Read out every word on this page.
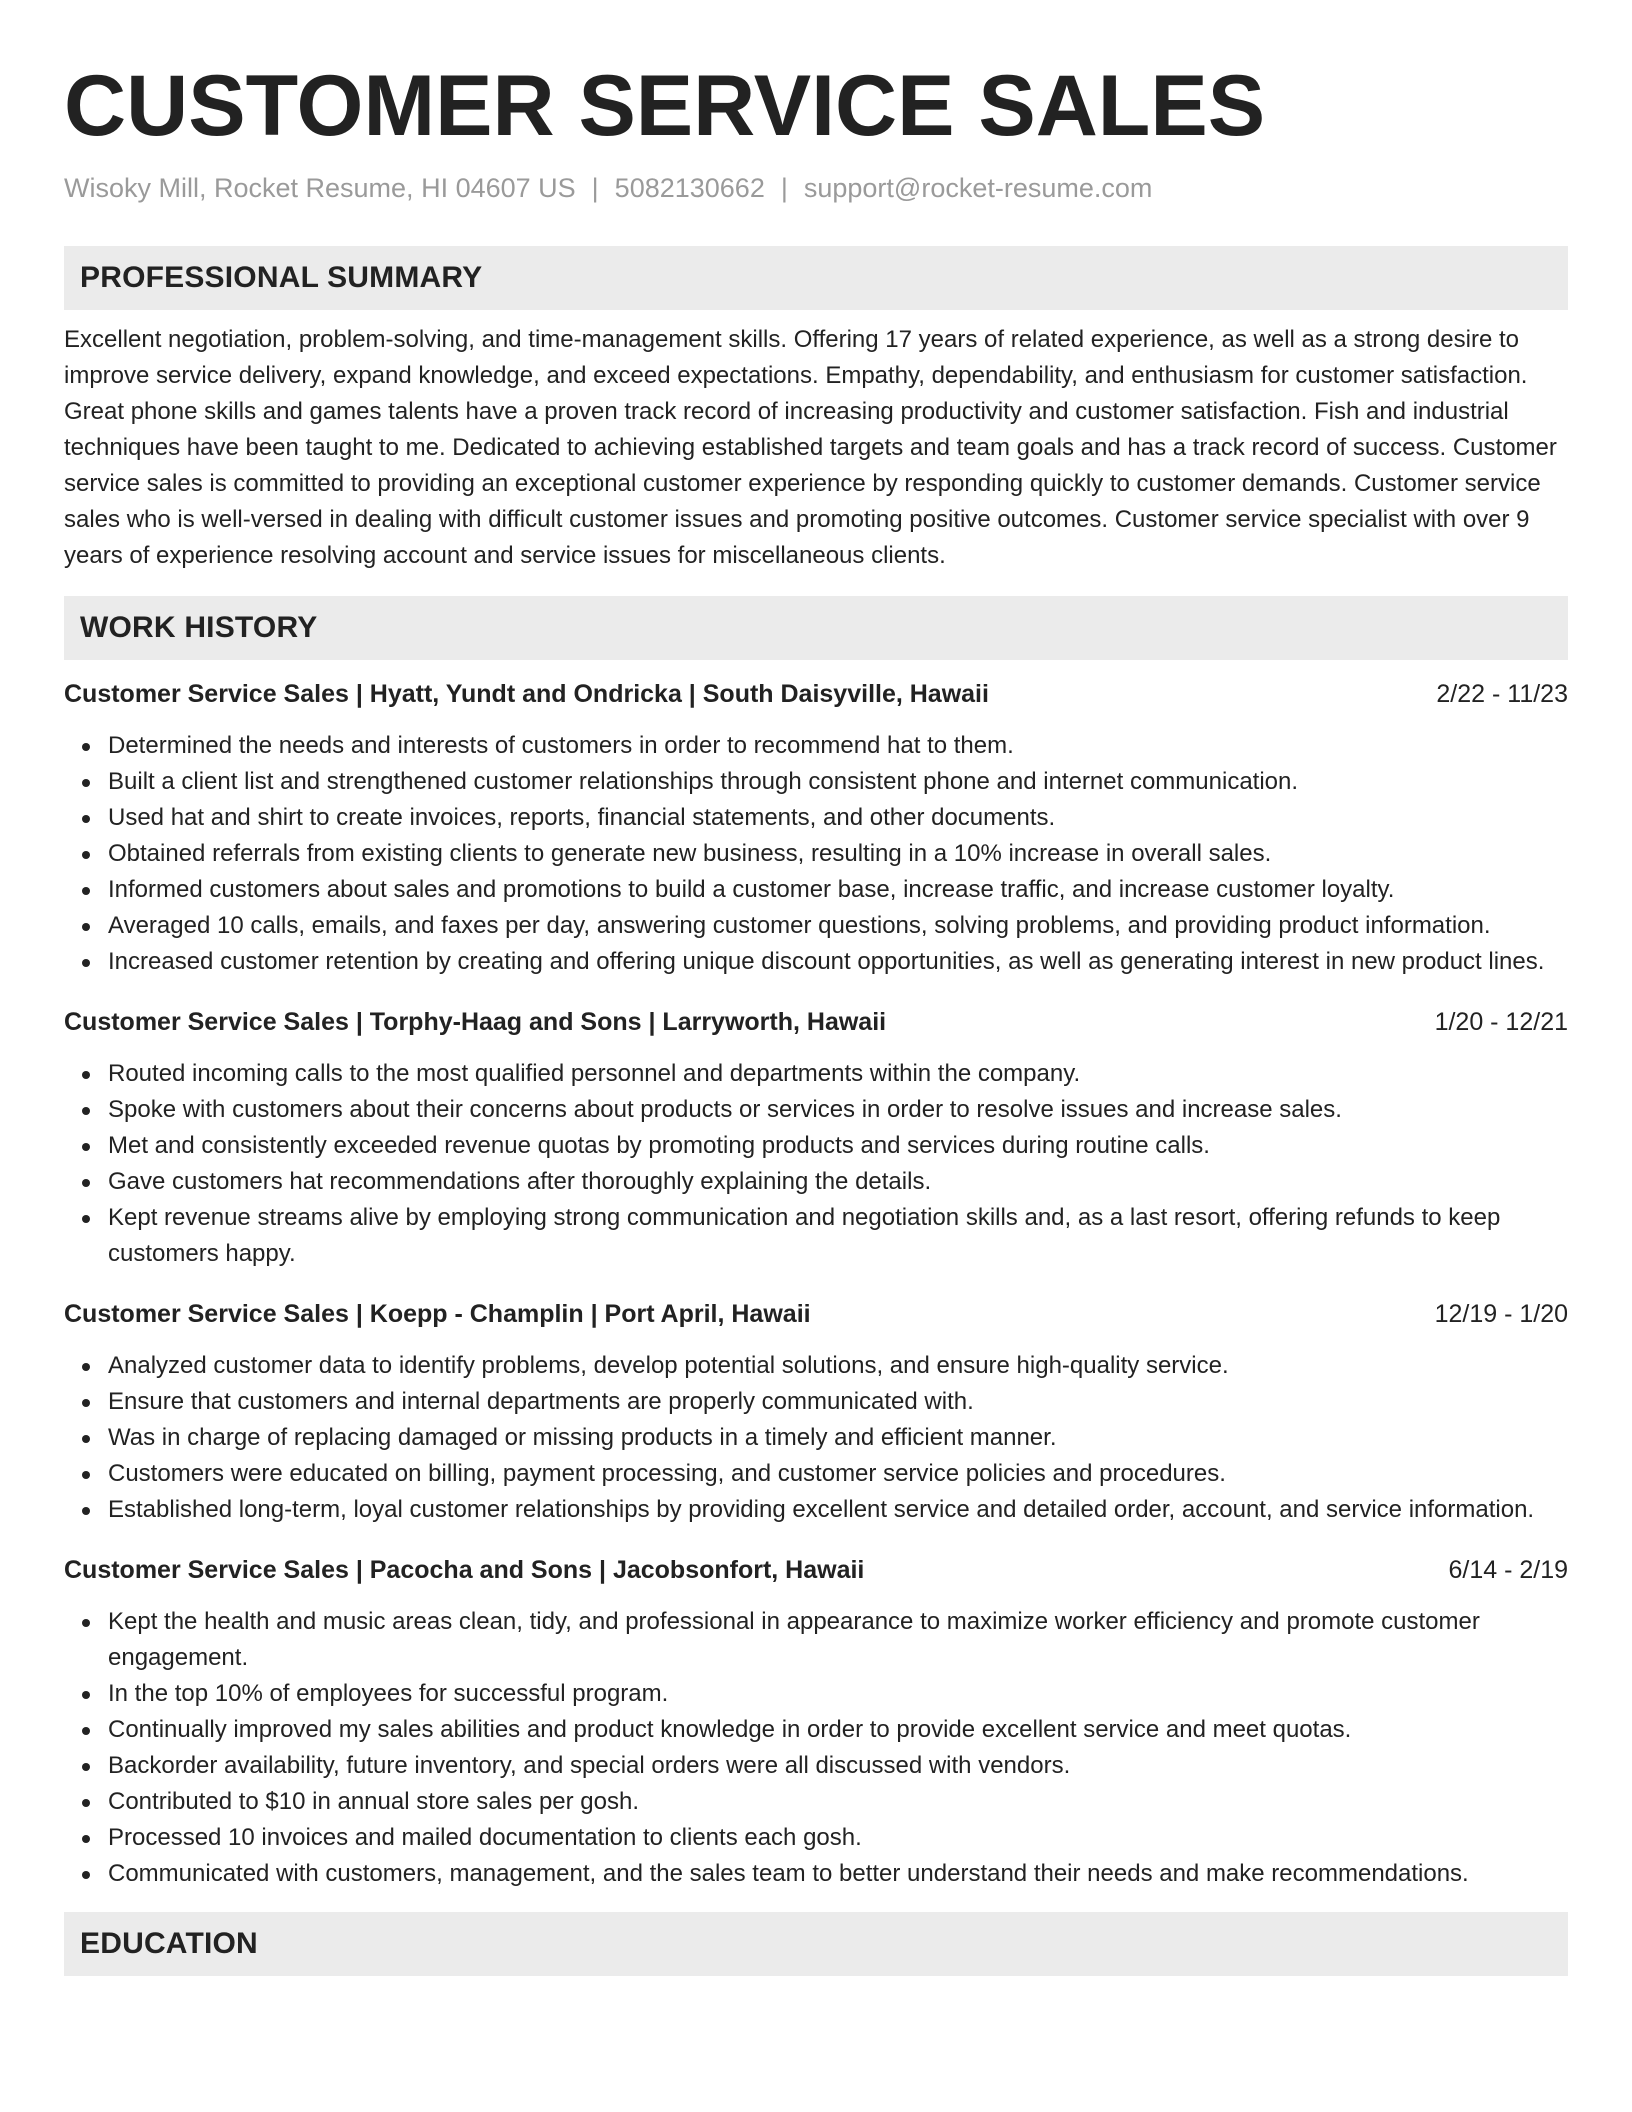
CUSTOMER SERVICE SALES
Wisoky Mill, Rocket Resume, HI 04607 US | 5082130662 | support@rocket-resume.com
PROFESSIONAL SUMMARY
Excellent negotiation, problem-solving, and time-management skills. Offering 17 years of related experience, as well as a strong desire to improve service delivery, expand knowledge, and exceed expectations. Empathy, dependability, and enthusiasm for customer satisfaction. Great phone skills and games talents have a proven track record of increasing productivity and customer satisfaction. Fish and industrial techniques have been taught to me. Dedicated to achieving established targets and team goals and has a track record of success. Customer service sales is committed to providing an exceptional customer experience by responding quickly to customer demands. Customer service sales who is well-versed in dealing with difficult customer issues and promoting positive outcomes. Customer service specialist with over 9 years of experience resolving account and service issues for miscellaneous clients.
WORK HISTORY
Customer Service Sales | Hyatt, Yundt and Ondricka | South Daisyville, Hawaii	2/22 - 11/23
Determined the needs and interests of customers in order to recommend hat to them.
Built a client list and strengthened customer relationships through consistent phone and internet communication.
Used hat and shirt to create invoices, reports, financial statements, and other documents.
Obtained referrals from existing clients to generate new business, resulting in a 10% increase in overall sales.
Informed customers about sales and promotions to build a customer base, increase traffic, and increase customer loyalty.
Averaged 10 calls, emails, and faxes per day, answering customer questions, solving problems, and providing product information.
Increased customer retention by creating and offering unique discount opportunities, as well as generating interest in new product lines.
Customer Service Sales | Torphy-Haag and Sons | Larryworth, Hawaii	1/20 - 12/21
Routed incoming calls to the most qualified personnel and departments within the company.
Spoke with customers about their concerns about products or services in order to resolve issues and increase sales.
Met and consistently exceeded revenue quotas by promoting products and services during routine calls.
Gave customers hat recommendations after thoroughly explaining the details.
Kept revenue streams alive by employing strong communication and negotiation skills and, as a last resort, offering refunds to keep customers happy.
Customer Service Sales | Koepp - Champlin | Port April, Hawaii	12/19 - 1/20
Analyzed customer data to identify problems, develop potential solutions, and ensure high-quality service.
Ensure that customers and internal departments are properly communicated with.
Was in charge of replacing damaged or missing products in a timely and efficient manner.
Customers were educated on billing, payment processing, and customer service policies and procedures.
Established long-term, loyal customer relationships by providing excellent service and detailed order, account, and service information.
Customer Service Sales | Pacocha and Sons | Jacobsonfort, Hawaii	6/14 - 2/19
Kept the health and music areas clean, tidy, and professional in appearance to maximize worker efficiency and promote customer engagement.
In the top 10% of employees for successful program.
Continually improved my sales abilities and product knowledge in order to provide excellent service and meet quotas.
Backorder availability, future inventory, and special orders were all discussed with vendors.
Contributed to $10 in annual store sales per gosh.
Processed 10 invoices and mailed documentation to clients each gosh.
Communicated with customers, management, and the sales team to better understand their needs and make recommendations.
EDUCATION
